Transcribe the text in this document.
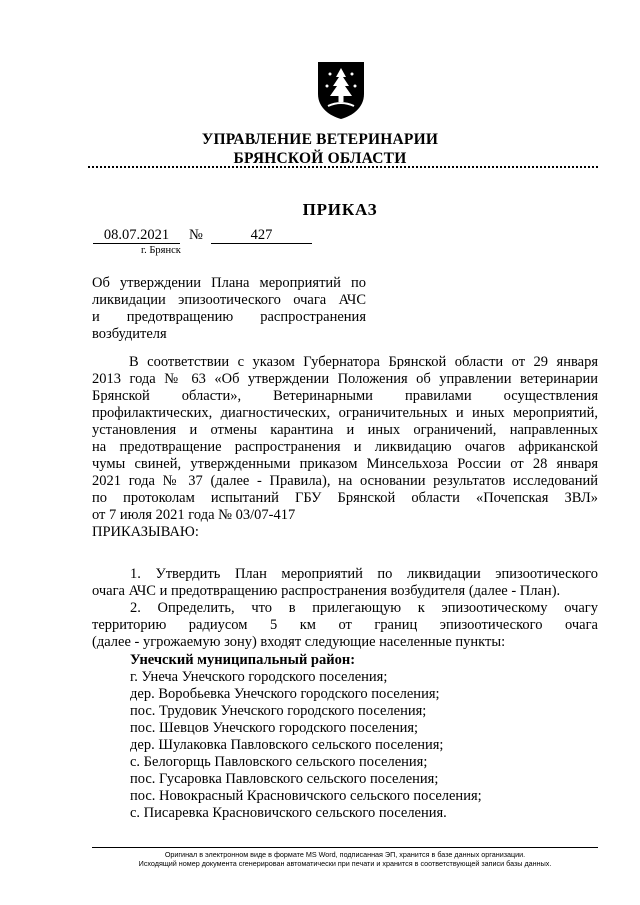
УПРАВЛЕНИЕ ВЕТЕРИНАРИИ
БРЯНСКОЙ ОБЛАСТИ
ПРИКАЗ
08.07.2021	№	427
г. Брянск
Об утверждении Плана мероприятий по
ликвидации эпизоотического очага АЧС
и предотвращению распространения
возбудителя
В соответствии с указом Губернатора Брянской области от 29 января
2013 года № 63 «Об утверждении Положения об управлении ветеринарии
Брянской области», Ветеринарными правилами осуществления
профилактических, диагностических, ограничительных и иных мероприятий,
установления и отмены карантина и иных ограничений, направленных
на предотвращение распространения и ликвидацию очагов африканской
чумы свиней, утвержденными приказом Минсельхоза России от 28 января
2021 года № 37 (далее - Правила), на основании результатов исследований
по протоколам испытаний ГБУ Брянской области «Почепская ЗВЛ»
от 7 июля 2021 года № 03/07-417
ПРИКАЗЫВАЮ:
1. Утвердить План мероприятий по ликвидации эпизоотического
очага АЧС и предотвращению распространения возбудителя (далее - План).
2. Определить, что в прилегающую к эпизоотическому очагу
территорию радиусом 5 км от границ эпизоотического очага
(далее - угрожаемую зону) входят следующие населенные пункты:
Унечский муниципальный район:
г. Унеча Унечского городского поселения;
дер. Воробьевка Унечского городского поселения;
пос. Трудовик Унечского городского поселения;
пос. Шевцов Унечского городского поселения;
дер. Шулаковка Павловского сельского поселения;
с. Белогорщь Павловского сельского поселения;
пос. Гусаровка Павловского сельского поселения;
пос. Новокрасный Красновичского сельского поселения;
с. Писаревка Красновичского сельского поселения.
Оригинал в электронном виде в формате MS Word, подписанная ЭП, хранится в базе данных организации.
Исходящий номер документа сгенерирован автоматически при печати и хранится в соответствующей записи базы данных.
